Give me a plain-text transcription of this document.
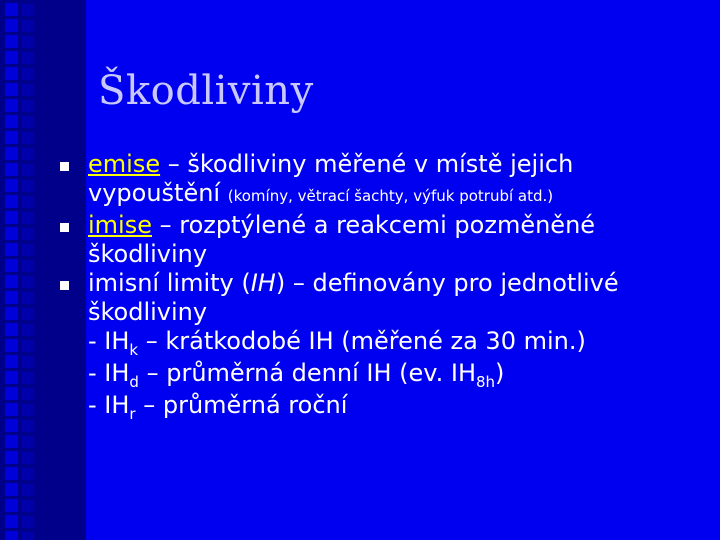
Škodliviny
emise – škodliviny měřené v místě jejich vypouštění (komíny, větrací šachty, výfuk potrubí atd.)
imise – rozptýlené a reakcemi pozměněné škodliviny
imisní limity (IH) – definovány pro jednotlivé škodliviny
- $IH_k$ – krátkodobé IH (měřené za 30 min.)
- $IH_d$ – průměrná denní IH (ev. $IH_{8h}$)
- $IH_r$ – průměrná roční
